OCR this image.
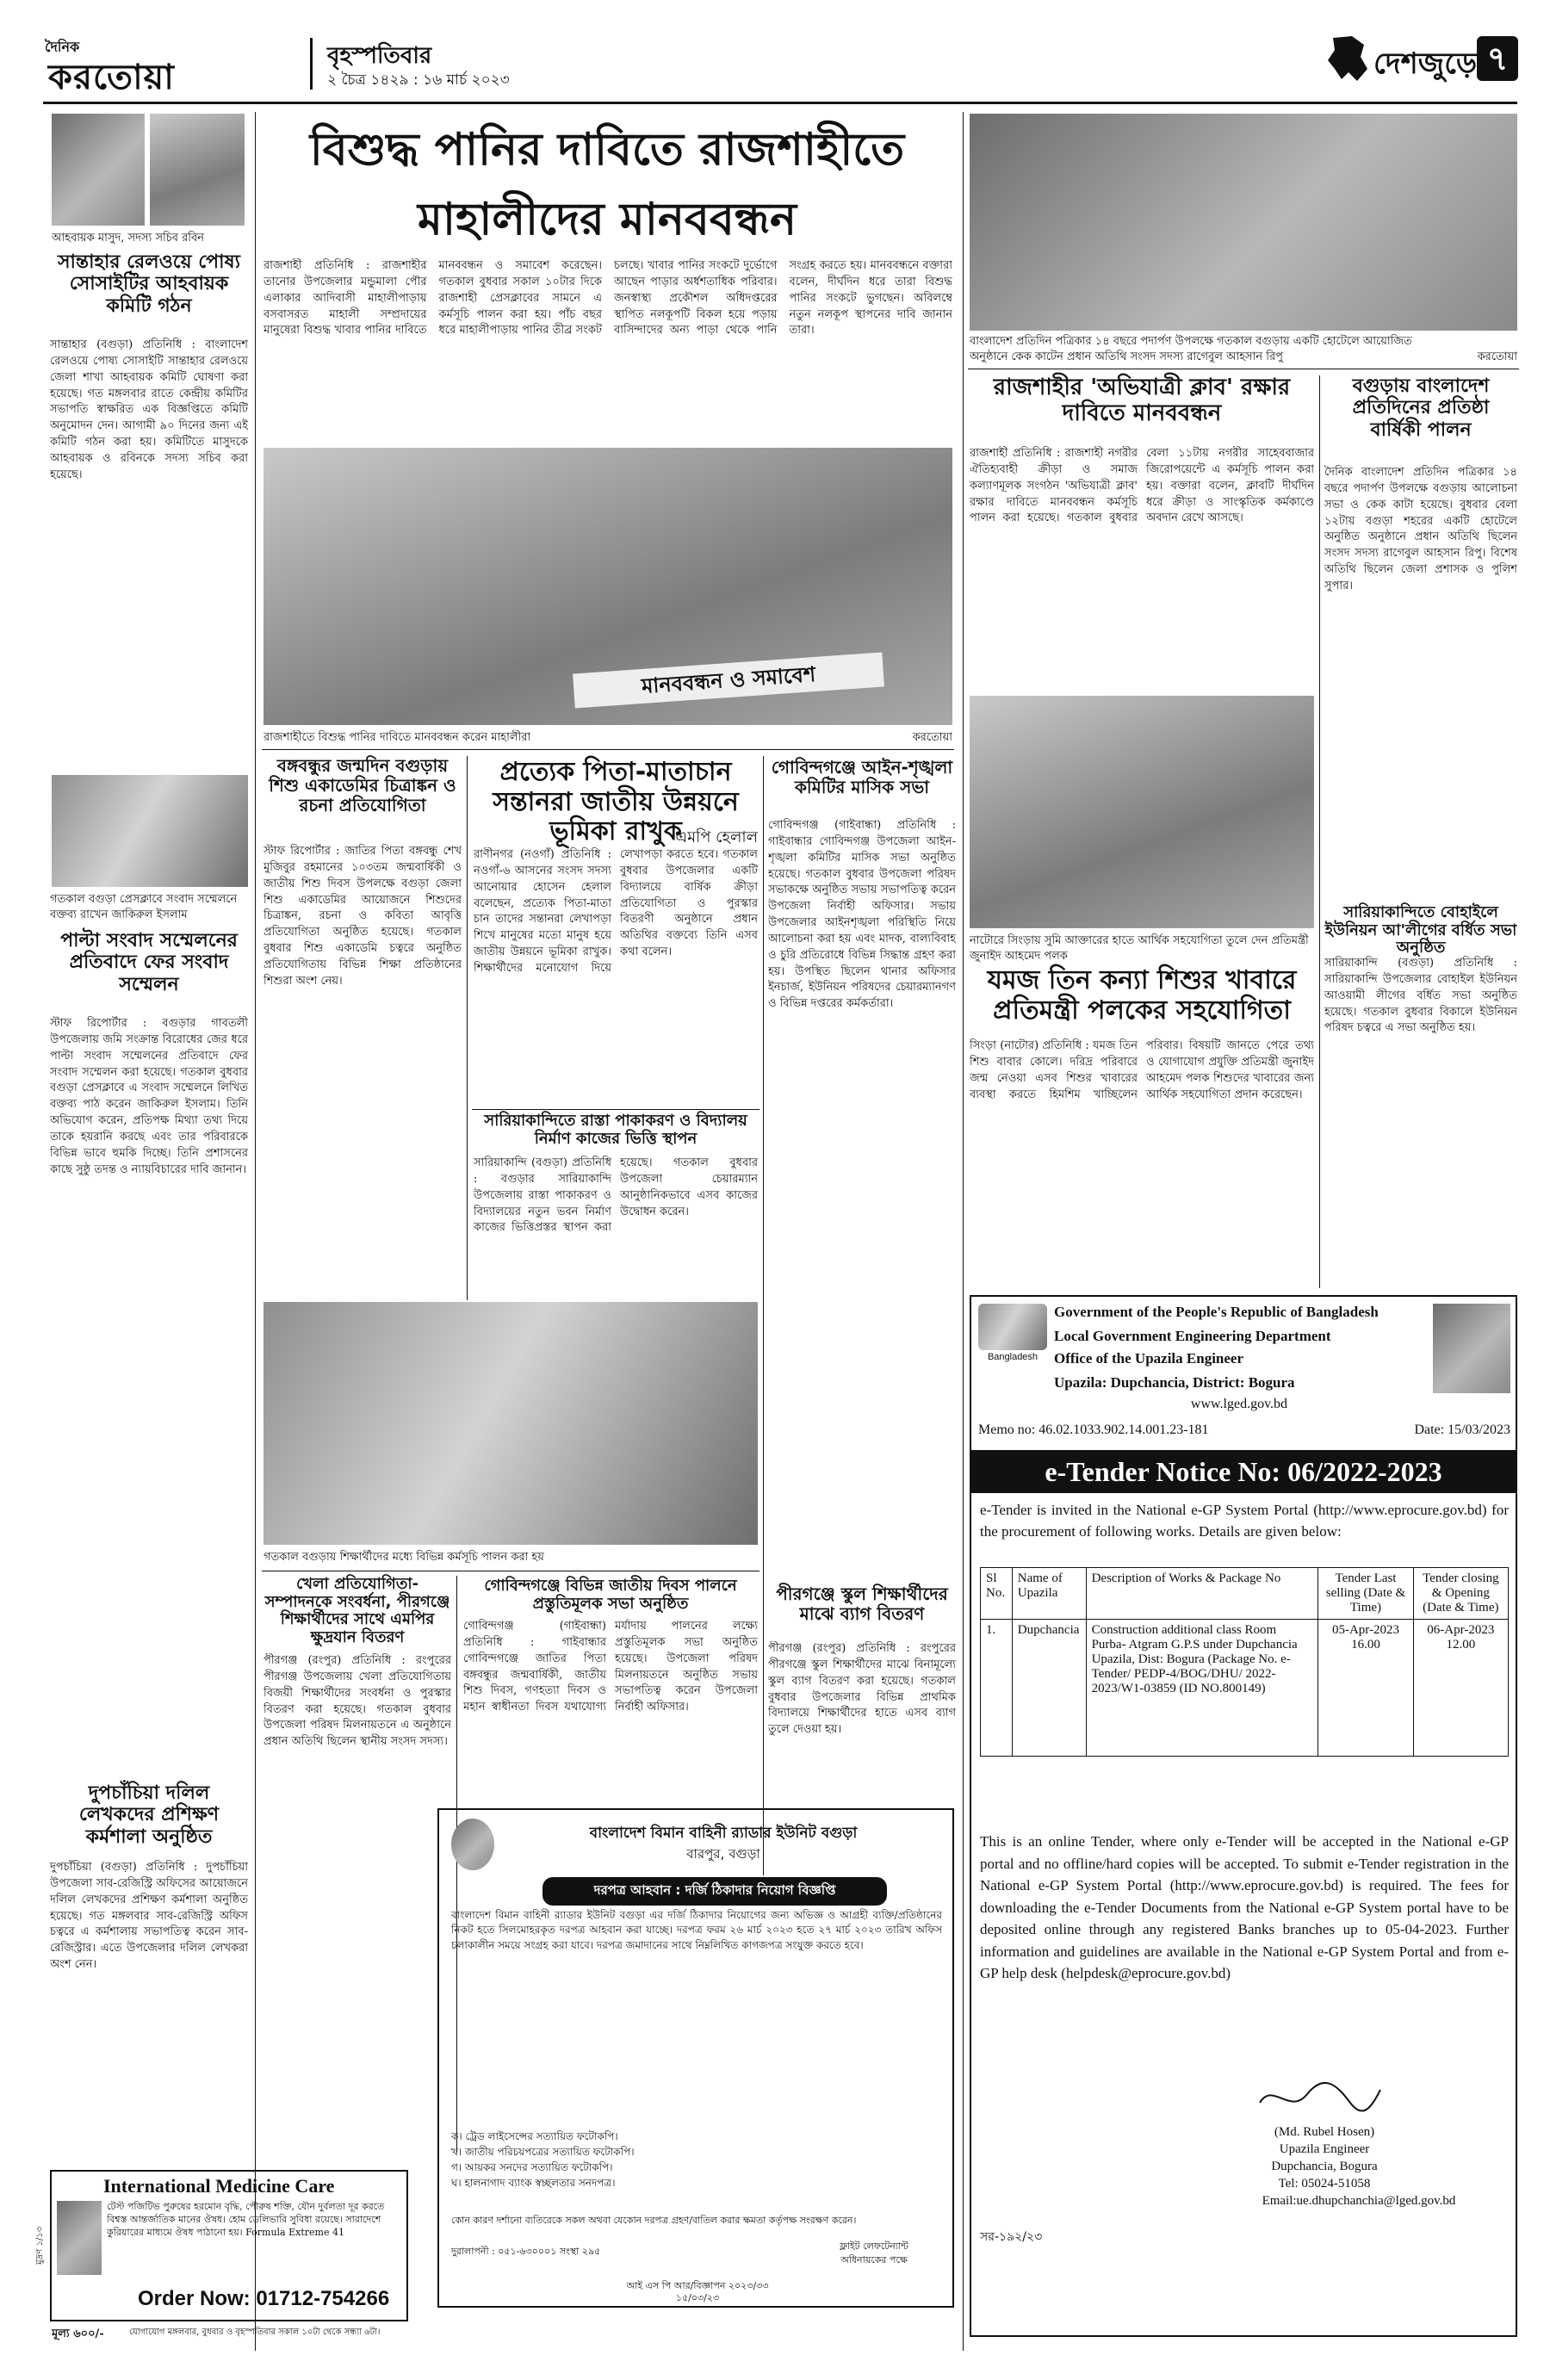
দৈনিক
করতোয়া
বৃহস্পতিবার
২ চৈত্র ১৪২৯ : ১৬ মার্চ ২০২৩	দেশজুড়ে ৭
আহবায়ক মাসুদ, সদস্য সচিব রবিন
সান্তাহার রেলওয়ে পোষ্য সোসাইটির আহবায়ক কমিটি গঠন
সান্তাহার (বগুড়া) প্রতিনিধি : বাংলাদেশ রেলওয়ে পোষ্য সোসাইটি সান্তাহার রেলওয়ে জেলা শাখা আহবায়ক কমিটি ঘোষণা করা হয়েছে। গত মঙ্গলবার রাতে কেন্দ্রীয় কমিটির সভাপতি স্বাক্ষরিত এক বিজ্ঞপ্তিতে কমিটি অনুমোদন দেন। আগামী ৯০ দিনের জন্য এই কমিটি গঠন করা হয়। কমিটিতে মাসুদকে আহবায়ক ও রবিনকে সদস্য সচিব করা হয়েছে।
গতকাল বগুড়া প্রেসক্লাবে সংবাদ সম্মেলনে বক্তব্য রাখেন জাকিরুল ইসলাম
পাল্টা সংবাদ সম্মেলনের প্রতিবাদে ফের সংবাদ সম্মেলন
স্টাফ রিপোর্টার : বগুড়ার গাবতলী উপজেলায় জমি সংক্রান্ত বিরোধের জের ধরে পাল্টা সংবাদ সম্মেলনের প্রতিবাদে ফের সংবাদ সম্মেলন করা হয়েছে। গতকাল বুধবার বগুড়া প্রেসক্লাবে এ সংবাদ সম্মেলনে লিখিত বক্তব্য পাঠ করেন জাকিরুল ইসলাম। তিনি অভিযোগ করেন, প্রতিপক্ষ মিথ্যা তথ্য দিয়ে তাকে হয়রানি করছে এবং তার পরিবারকে বিভিন্ন ভাবে হুমকি দিচ্ছে। তিনি প্রশাসনের কাছে সুষ্ঠু তদন্ত ও ন্যায়বিচারের দাবি জানান।
দুপচাঁচিয়া দলিল লেখকদের প্রশিক্ষণ কর্মশালা অনুষ্ঠিত
দুপচাঁচিয়া (বগুড়া) প্রতিনিধি : দুপচাঁচিয়া উপজেলা সাব-রেজিস্ট্রি অফিসের আয়োজনে দলিল লেখকদের প্রশিক্ষণ কর্মশালা অনুষ্ঠিত হয়েছে। গত মঙ্গলবার সাব-রেজিস্ট্রি অফিস চত্বরে এ কর্মশালায় সভাপতিত্ব করেন সাব-রেজিস্ট্রার। এতে উপজেলার দলিল লেখকরা অংশ নেন।
International Medicine Care
টেস্ট পজিটিভ পুরুষের হরমোন বৃদ্ধি, পৌরুষ শক্তি, যৌন দুর্বলতা দূর করতে বিশ্বস্ত আন্তর্জাতিক মানের ঔষধ। হোম ডেলিভারি সুবিধা রয়েছে। সারাদেশে কুরিয়ারের মাধ্যমে ঔষধ পাঠানো হয়। Formula Extreme 41
Order Now: 01712-754266
মূল্য ৬০০/-	যোগাযোগ মঙ্গলবার, বুধবার ও বৃহস্পতিবার সকাল ১০টা থেকে সন্ধ্যা ৬টা।
মুদ্রণ ১/১৩
বিশুদ্ধ পানির দাবিতে রাজশাহীতে
মাহালীদের মানববন্ধন
রাজশাহী প্রতিনিধি : রাজশাহীর তানোর উপজেলার মন্ডুমালা পৌর এলাকার আদিবাসী মাহালীপাড়ায় বসবাসরত মাহালী সম্প্রদায়ের মানুষেরা বিশুদ্ধ খাবার পানির দাবিতে মানববন্ধন ও সমাবেশ করেছেন। গতকাল বুধবার সকাল ১০টার দিকে রাজশাহী প্রেসক্লাবের সামনে এ কর্মসূচি পালন করা হয়। পাঁচ বছর ধরে মাহালীপাড়ায় পানির তীব্র সংকট চলছে। খাবার পানির সংকটে দুর্ভোগে আছেন পাড়ার অর্ধশতাধিক পরিবার। জনস্বাস্থ্য প্রকৌশল অধিদপ্তরের স্থাপিত নলকূপটি বিকল হয়ে পড়ায় বাসিন্দাদের অন্য পাড়া থেকে পানি সংগ্রহ করতে হয়। মানববন্ধনে বক্তারা বলেন, দীর্ঘদিন ধরে তারা বিশুদ্ধ পানির সংকটে ভুগছেন। অবিলম্বে নতুন নলকূপ স্থাপনের দাবি জানান তারা।
মানববন্ধন ও সমাবেশ
রাজশাহীতে বিশুদ্ধ পানির দাবিতে মানববন্ধন করেন মাহালীরা	করতোয়া
বঙ্গবন্ধুর জন্মদিন বগুড়ায় শিশু একাডেমির চিত্রাঙ্কন ও রচনা প্রতিযোগিতা
স্টাফ রিপোর্টার : জাতির পিতা বঙ্গবন্ধু শেখ মুজিবুর রহমানের ১০৩তম জন্মবার্ষিকী ও জাতীয় শিশু দিবস উপলক্ষে বগুড়া জেলা শিশু একাডেমির আয়োজনে শিশুদের চিত্রাঙ্কন, রচনা ও কবিতা আবৃত্তি প্রতিযোগিতা অনুষ্ঠিত হয়েছে। গতকাল বুধবার শিশু একাডেমি চত্বরে অনুষ্ঠিত প্রতিযোগিতায় বিভিন্ন শিক্ষা প্রতিষ্ঠানের শিশুরা অংশ নেয়।
প্রত্যেক পিতা-মাতাচান সন্তানরা জাতীয় উন্নয়নে ভূমিকা রাখুক
এমপি হেলাল
রাণীনগর (নওগাঁ) প্রতিনিধি : নওগাঁ-৬ আসনের সংসদ সদস্য আনোয়ার হোসেন হেলাল বলেছেন, প্রত্যেক পিতা-মাতা চান তাদের সন্তানরা লেখাপড়া শিখে মানুষের মতো মানুষ হয়ে জাতীয় উন্নয়নে ভূমিকা রাখুক। শিক্ষার্থীদের মনোযোগ দিয়ে লেখাপড়া করতে হবে। গতকাল বুধবার উপজেলার একটি বিদ্যালয়ে বার্ষিক ক্রীড়া প্রতিযোগিতা ও পুরস্কার বিতরণী অনুষ্ঠানে প্রধান অতিথির বক্তব্যে তিনি এসব কথা বলেন।
সারিয়াকান্দিতে রাস্তা পাকাকরণ ও বিদ্যালয় নির্মাণ কাজের ভিত্তি স্থাপন
সারিয়াকান্দি (বগুড়া) প্রতিনিধি : বগুড়ার সারিয়াকান্দি উপজেলায় রাস্তা পাকাকরণ ও বিদ্যালয়ের নতুন ভবন নির্মাণ কাজের ভিত্তিপ্রস্তর স্থাপন করা হয়েছে। গতকাল বুধবার উপজেলা চেয়ারম্যান আনুষ্ঠানিকভাবে এসব কাজের উদ্বোধন করেন।
গোবিন্দগঞ্জে আইন-শৃঙ্খলা কমিটির মাসিক সভা
গোবিন্দগঞ্জ (গাইবান্ধা) প্রতিনিধি : গাইবান্ধার গোবিন্দগঞ্জ উপজেলা আইন-শৃঙ্খলা কমিটির মাসিক সভা অনুষ্ঠিত হয়েছে। গতকাল বুধবার উপজেলা পরিষদ সভাকক্ষে অনুষ্ঠিত সভায় সভাপতিত্ব করেন উপজেলা নির্বাহী অফিসার। সভায় উপজেলার আইনশৃঙ্খলা পরিস্থিতি নিয়ে আলোচনা করা হয় এবং মাদক, বাল্যবিবাহ ও চুরি প্রতিরোধে বিভিন্ন সিদ্ধান্ত গ্রহণ করা হয়। উপস্থিত ছিলেন থানার অফিসার ইনচার্জ, ইউনিয়ন পরিষদের চেয়ারম্যানগণ ও বিভিন্ন দপ্তরের কর্মকর্তারা।
পীরগঞ্জে স্কুল শিক্ষার্থীদের মাঝে ব্যাগ বিতরণ
পীরগঞ্জ (রংপুর) প্রতিনিধি : রংপুরের পীরগঞ্জে স্কুল শিক্ষার্থীদের মাঝে বিনামূল্যে স্কুল ব্যাগ বিতরণ করা হয়েছে। গতকাল বুধবার উপজেলার বিভিন্ন প্রাথমিক বিদ্যালয়ে শিক্ষার্থীদের হাতে এসব ব্যাগ তুলে দেওয়া হয়।
গতকাল বগুড়ায় শিক্ষার্থীদের মধ্যে বিভিন্ন কর্মসূচি পালন করা হয়
খেলা প্রতিযোগিতা-সম্পাদনকে সংবর্ধনা, পীরগঞ্জে শিক্ষার্থীদের সাথে এমপির ক্ষুদ্রযান বিতরণ
পীরগঞ্জ (রংপুর) প্রতিনিধি : রংপুরের পীরগঞ্জ উপজেলায় খেলা প্রতিযোগিতায় বিজয়ী শিক্ষার্থীদের সংবর্ধনা ও পুরস্কার বিতরণ করা হয়েছে। গতকাল বুধবার উপজেলা পরিষদ মিলনায়তনে এ অনুষ্ঠানে প্রধান অতিথি ছিলেন স্থানীয় সংসদ সদস্য।
গোবিন্দগঞ্জে বিভিন্ন জাতীয় দিবস পালনে প্রস্তুতিমূলক সভা অনুষ্ঠিত
গোবিন্দগঞ্জ (গাইবান্ধা) প্রতিনিধি : গাইবান্ধার গোবিন্দগঞ্জে জাতির পিতা বঙ্গবন্ধুর জন্মবার্ষিকী, জাতীয় শিশু দিবস, গণহত্যা দিবস ও মহান স্বাধীনতা দিবস যথাযোগ্য মর্যাদায় পালনের লক্ষ্যে প্রস্তুতিমূলক সভা অনুষ্ঠিত হয়েছে। উপজেলা পরিষদ মিলনায়তনে অনুষ্ঠিত সভায় সভাপতিত্ব করেন উপজেলা নির্বাহী অফিসার।
বাংলাদেশ বিমান বাহিনী র‌্যাডার ইউনিট বগুড়া
বারপুর, বগুড়া
দরপত্র আহবান : দর্জি ঠিকাদার নিয়োগ বিজ্ঞপ্তি
বাংলাদেশ বিমান বাহিনী র‌্যাডার ইউনিট বগুড়া এর দর্জি ঠিকাদার নিয়োগের জন্য অভিজ্ঞ ও আগ্রহী ব্যক্তি/প্রতিষ্ঠানের নিকট হতে সিলমোহরকৃত দরপত্র আহবান করা যাচ্ছে। দরপত্র ফরম ২৬ মার্চ ২০২৩ হতে ২৭ মার্চ ২০২৩ তারিখ অফিস চলাকালীন সময়ে সংগ্রহ করা যাবে। দরপত্র জমাদানের সাথে নিম্নলিখিত কাগজপত্র সংযুক্ত করতে হবে।
ক। ট্রেড লাইসেন্সের সত্যায়িত ফটোকপি।
খ। জাতীয় পরিচয়পত্রের সত্যায়িত ফটোকপি।
গ। আয়কর সনদের সত্যায়িত ফটোকপি।
ঘ। হালনাগাদ ব্যাংক স্বচ্ছলতার সনদপত্র।
কোন কারণ দর্শানো ব্যতিরেকে সকল অথবা যেকোন দরপত্র গ্রহণ/বাতিল করার ক্ষমতা কর্তৃপক্ষ সংরক্ষণ করেন।
দুরালাপনী : ০৫১-৬৩০০০১ সংস্থা ২৯৫	ফ্লাইট লেফটেন্যান্ট
অধিনায়কের পক্ষে
আই এস পি আর/বিজ্ঞাপন ২০২৩/৩৩
১৫/০৩/২৩
বাংলাদেশ প্রতিদিন পত্রিকার ১৪ বছরে পদার্পণ উপলক্ষে গতকাল বগুড়ায় একটি হোটেলে আয়োজিত অনুষ্ঠানে কেক কাটেন প্রধান অতিথি সংসদ সদস্য রাগেবুল আহসান রিপু	করতোয়া
রাজশাহীর 'অভিযাত্রী ক্লাব' রক্ষার দাবিতে মানববন্ধন
রাজশাহী প্রতিনিধি : রাজশাহী নগরীর ঐতিহ্যবাহী ক্রীড়া ও সমাজ কল্যাণমূলক সংগঠন 'অভিযাত্রী ক্লাব' রক্ষার দাবিতে মানববন্ধন কর্মসূচি পালন করা হয়েছে। গতকাল বুধবার বেলা ১১টায় নগরীর সাহেববাজার জিরোপয়েন্টে এ কর্মসূচি পালন করা হয়। বক্তারা বলেন, ক্লাবটি দীর্ঘদিন ধরে ক্রীড়া ও সাংস্কৃতিক কর্মকাণ্ডে অবদান রেখে আসছে।
বগুড়ায় বাংলাদেশ প্রতিদিনের প্রতিষ্ঠা বার্ষিকী পালন
দৈনিক বাংলাদেশ প্রতিদিন পত্রিকার ১৪ বছরে পদার্পণ উপলক্ষে বগুড়ায় আলোচনা সভা ও কেক কাটা হয়েছে। বুধবার বেলা ১২টায় বগুড়া শহরের একটি হোটেলে অনুষ্ঠিত অনুষ্ঠানে প্রধান অতিথি ছিলেন সংসদ সদস্য রাগেবুল আহসান রিপু। বিশেষ অতিথি ছিলেন জেলা প্রশাসক ও পুলিশ সুপার।
সারিয়াকান্দিতে বোহাইলে ইউনিয়ন আ'লীগের বর্ধিত সভা অনুষ্ঠিত
সারিয়াকান্দি (বগুড়া) প্রতিনিধি : সারিয়াকান্দি উপজেলার বোহাইল ইউনিয়ন আওয়ামী লীগের বর্ধিত সভা অনুষ্ঠিত হয়েছে। গতকাল বুধবার বিকালে ইউনিয়ন পরিষদ চত্বরে এ সভা অনুষ্ঠিত হয়।
নাটোরে সিংড়ায় সুমি আক্তারের হাতে আর্থিক সহযোগিতা তুলে দেন প্রতিমন্ত্রী জুনাইদ আহমেদ পলক
যমজ তিন কন্যা শিশুর খাবারে প্রতিমন্ত্রী পলকের সহযোগিতা
সিংড়া (নাটোর) প্রতিনিধি : যমজ তিন শিশু বাবার কোলে। দরিদ্র পরিবারে জন্ম নেওয়া এসব শিশুর খাবারের ব্যবস্থা করতে হিমশিম খাচ্ছিলেন পরিবার। বিষয়টি জানতে পেরে তথ্য ও যোগাযোগ প্রযুক্তি প্রতিমন্ত্রী জুনাইদ আহমেদ পলক শিশুদের খাবারের জন্য আর্থিক সহযোগিতা প্রদান করেছেন।
Bangladesh
Government of the People's Republic of Bangladesh
Local Government Engineering Department
Office of the Upazila Engineer
Upazila: Dupchancia, District: Bogura
www.lged.gov.bd
Memo no: 46.02.1033.902.14.001.23-181	Date: 15/03/2023
e-Tender Notice No: 06/2022-2023
e-Tender is invited in the National e-GP System Portal (http://www.eprocure.gov.bd) for the procurement of following works. Details are given below:
Sl No.	Name of Upazila	Description of Works & Package No	Tender Last selling (Date & Time)	Tender closing & Opening (Date & Time)
1.	Dupchancia	Construction additional class Room Purba- Atgram G.P.S under Dupchancia Upazila, Dist: Bogura (Package No. e-Tender/ PEDP-4/BOG/DHU/ 2022-2023/W1-03859 (ID NO.800149)	05-Apr-2023 16.00	06-Apr-2023 12.00
This is an online Tender, where only e-Tender will be accepted in the National e-GP portal and no offline/hard copies will be accepted. To submit e-Tender registration in the National e-GP System Portal (http://www.eprocure.gov.bd) is required. The fees for downloading the e-Tender Documents from the National e-GP System portal have to be deposited online through any registered Banks branches up to 05-04-2023. Further information and guidelines are available in the National e-GP System Portal and from e-GP help desk (helpdesk@eprocure.gov.bd)
(Md. Rubel Hosen)
Upazila Engineer
Dupchancia, Bogura
Tel: 05024-51058
Email:ue.dhupchanchia@lged.gov.bd
সর-১৯২/২৩
